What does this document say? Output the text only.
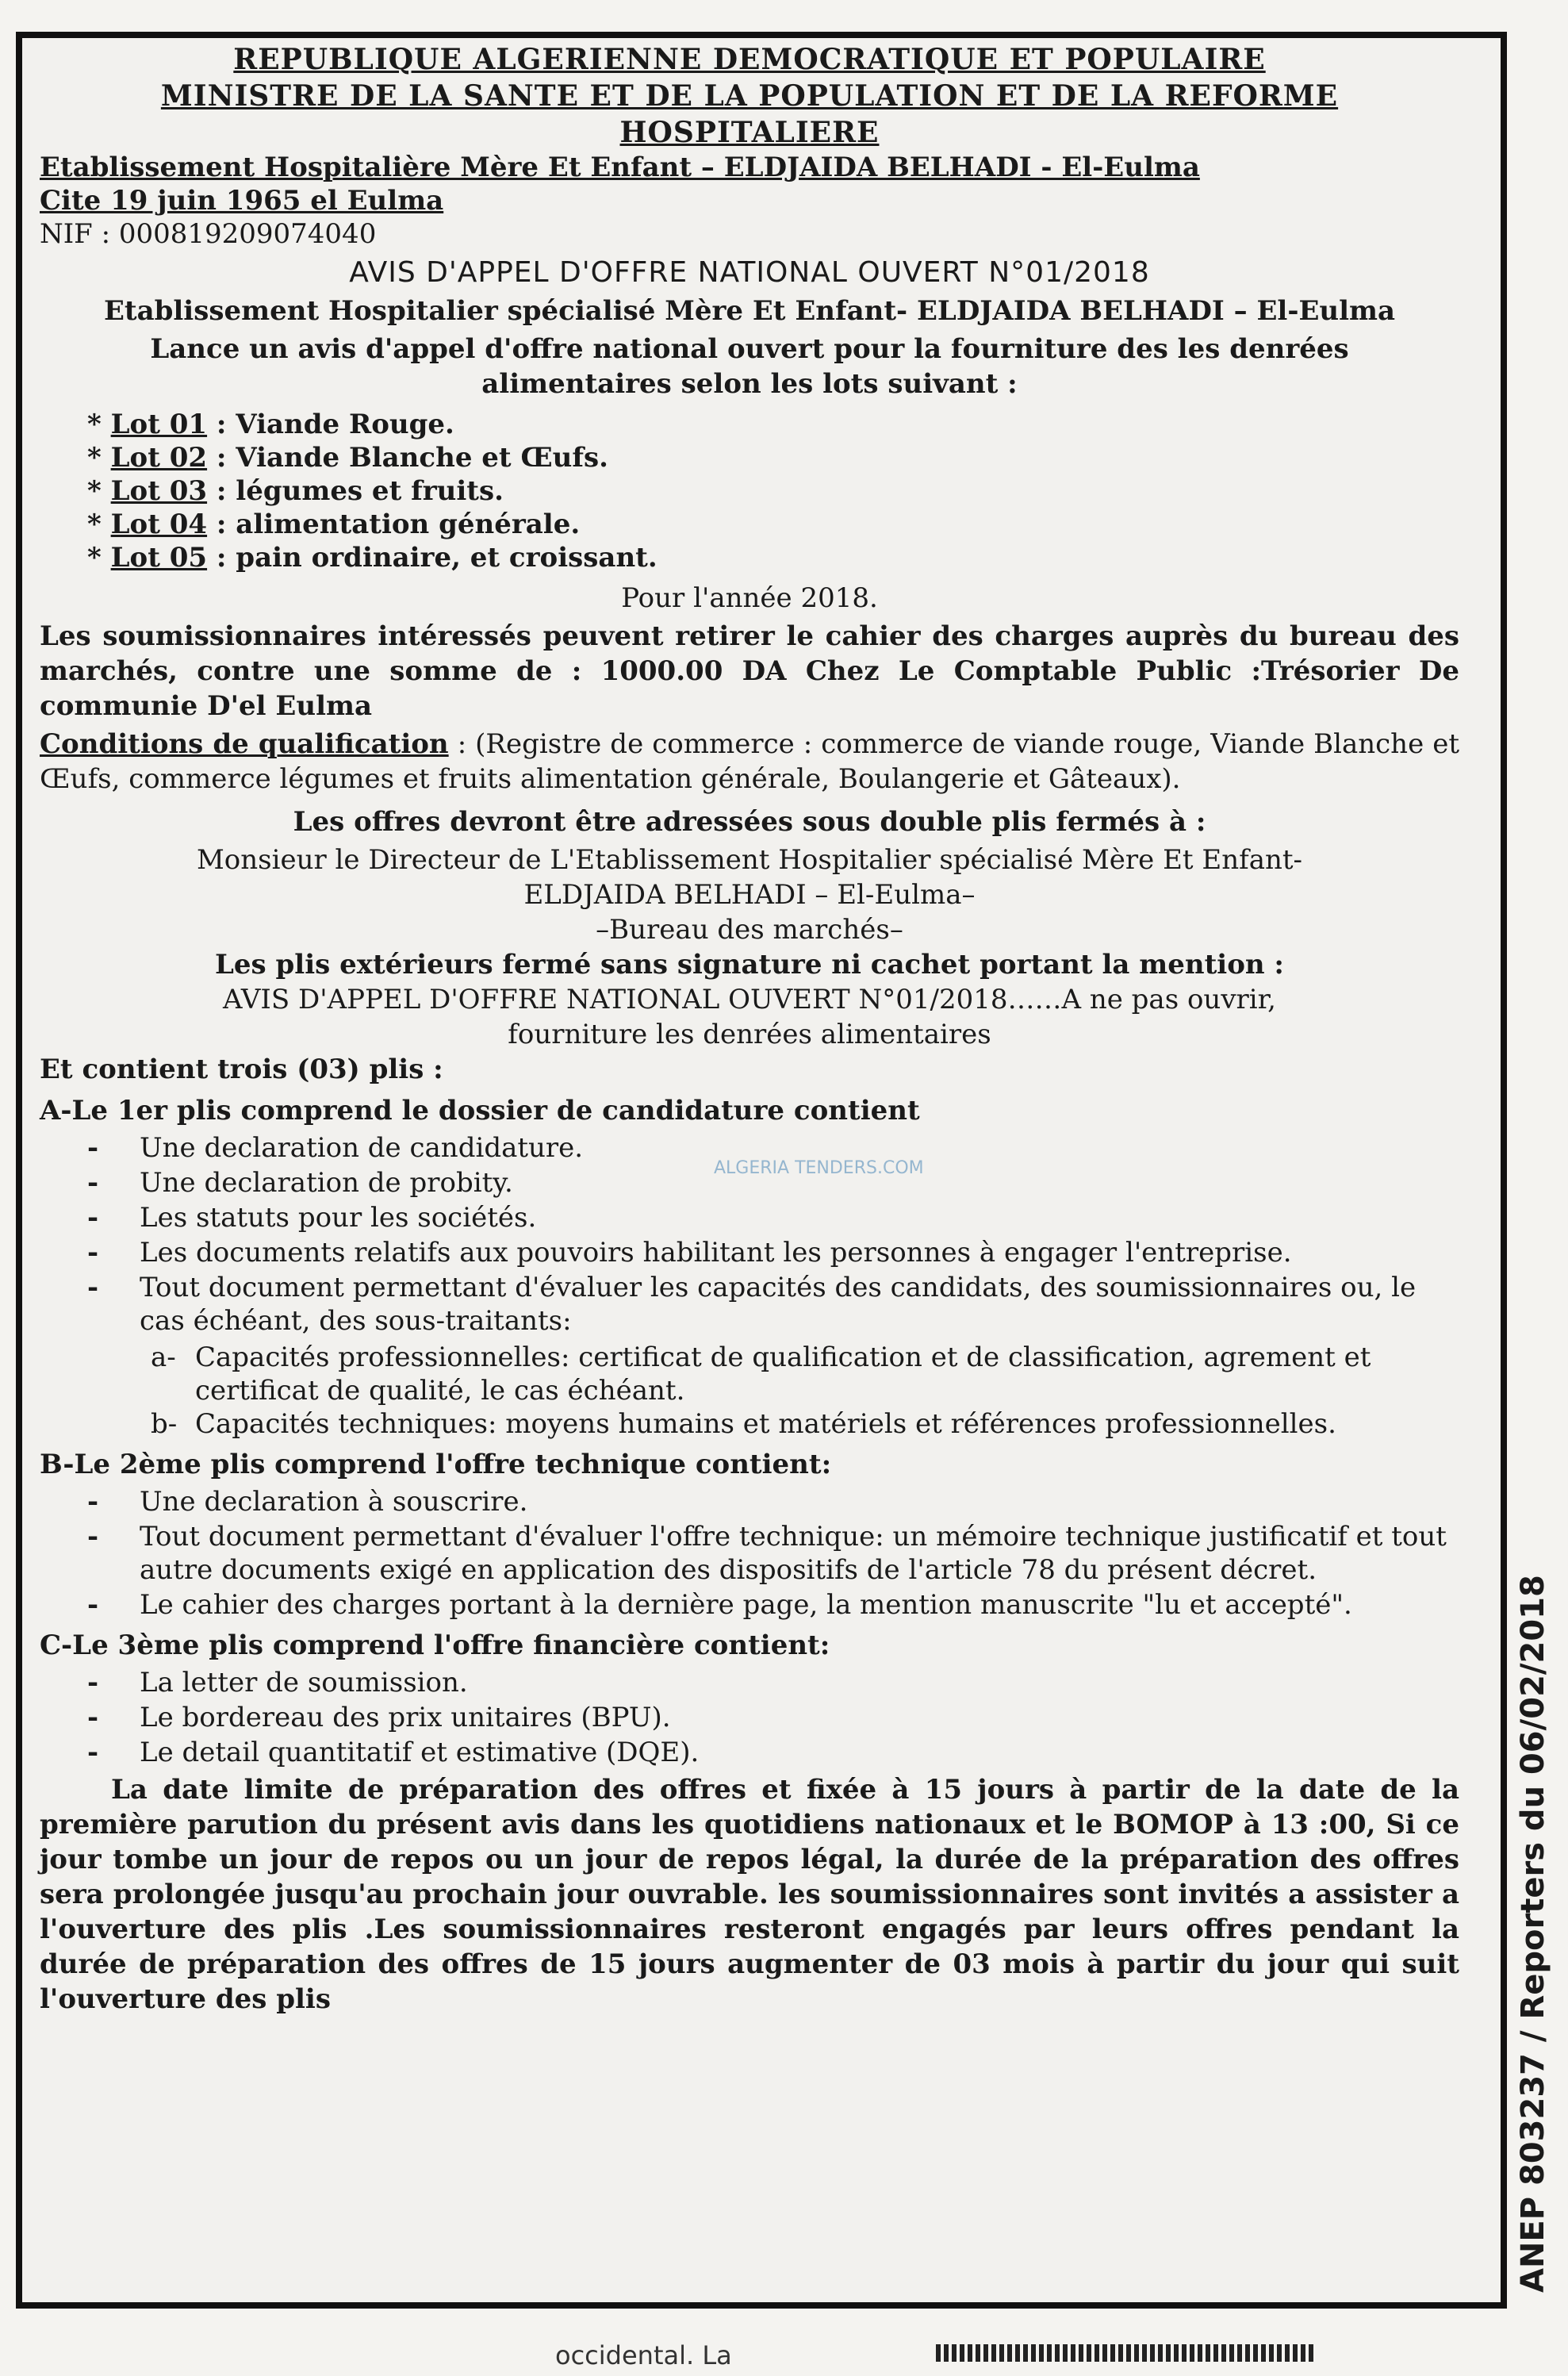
REPUBLIQUE ALGERIENNE DEMOCRATIQUE ET POPULAIRE
MINISTRE DE LA SANTE ET DE LA POPULATION ET DE LA REFORME
HOSPITALIERE
Etablissement Hospitalière Mère Et Enfant – ELDJAIDA BELHADI - El-Eulma
Cite 19 juin 1965 el Eulma
NIF : 000819209074040
AVIS D'APPEL D'OFFRE NATIONAL OUVERT N°01/2018
Etablissement Hospitalier spécialisé Mère Et Enfant- ELDJAIDA BELHADI – El-Eulma
Lance un avis d'appel d'offre national ouvert pour la fourniture des les denrées alimentaires selon les lots suivant :
* Lot 01 : Viande Rouge.
* Lot 02 : Viande Blanche et Œufs.
* Lot 03 : légumes et fruits.
* Lot 04 : alimentation générale.
* Lot 05 : pain ordinaire, et croissant.
Pour l'année 2018.
Les soumissionnaires intéressés peuvent retirer le cahier des charges auprès du bureau des marchés, contre une somme de : 1000.00 DA Chez Le Comptable Public :Trésorier De communie D'el Eulma
Conditions de qualification : (Registre de commerce : commerce de viande rouge, Viande Blanche et Œufs, commerce légumes et fruits alimentation générale, Boulangerie et Gâteaux).
Les offres devront être adressées sous double plis fermés à :
Monsieur le Directeur de L'Etablissement Hospitalier spécialisé Mère Et Enfant-
ELDJAIDA BELHADI – El-Eulma–
–Bureau des marchés–
Les plis extérieurs fermé sans signature ni cachet portant la mention :
AVIS D'APPEL D'OFFRE NATIONAL OUVERT N°01/2018……A ne pas ouvrir,
fourniture les denrées alimentaires
Et contient trois (03) plis :
A-Le 1er plis comprend le dossier de candidature contient
- Une declaration de candidature.
- Une declaration de probity.
- Les statuts pour les sociétés.
- Les documents relatifs aux pouvoirs habilitant les personnes à engager l'entreprise.
- Tout document permettant d'évaluer les capacités des candidats, des soumissionnaires ou, le cas échéant, des sous-traitants:
a- Capacités professionnelles: certificat de qualification et de classification, agrement et certificat de qualité, le cas échéant.
b- Capacités techniques: moyens humains et matériels et références professionnelles.
B-Le 2ème plis comprend l'offre technique contient:
- Une declaration à souscrire.
- Tout document permettant d'évaluer l'offre technique: un mémoire technique justificatif et tout autre documents exigé en application des dispositifs de l'article 78 du présent décret.
- Le cahier des charges portant à la dernière page, la mention manuscrite "lu et accepté".
C-Le 3ème plis comprend l'offre financière contient:
- La letter de soumission.
- Le bordereau des prix unitaires (BPU).
- Le detail quantitatif et estimative (DQE).
La date limite de préparation des offres et fixée à 15 jours à partir de la date de la première parution du présent avis dans les quotidiens nationaux et le BOMOP à 13 :00, Si ce jour tombe un jour de repos ou un jour de repos légal, la durée de la préparation des offres sera prolongée jusqu'au prochain jour ouvrable. les soumissionnaires sont invités a assister a l'ouverture des plis .Les soumissionnaires resteront engagés par leurs offres pendant la durée de préparation des offres de 15 jours augmenter de 03 mois à partir du jour qui suit l'ouverture des plis
ALGERIA TENDERS.COM
ANEP 803237 / Reporters du 06/02/2018
occidental. La
